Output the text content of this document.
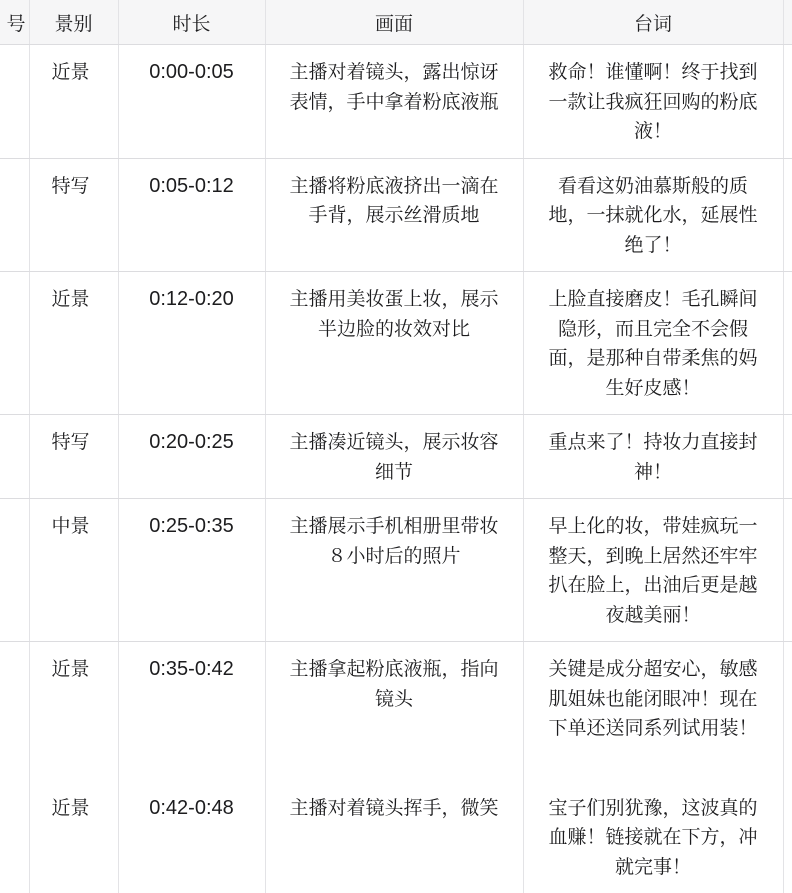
号	景别	时长	画面	台词	
	近景	0:00-0:05	主播对着镜头，露出惊讶表情，手中拿着粉底液瓶	救命！谁懂啊！终于找到一款让我疯狂回购的粉底液！	
	特写	0:05-0:12	主播将粉底液挤出一滴在手背，展示丝滑质地	看看这奶油慕斯般的质地，一抹就化水，延展性绝了！	
	近景	0:12-0:20	主播用美妆蛋上妆，展示半边脸的妆效对比	上脸直接磨皮！毛孔瞬间隐形，而且完全不会假面，是那种自带柔焦的妈生好皮感！	
	特写	0:20-0:25	主播凑近镜头，展示妆容细节	重点来了！持妆力直接封神！	
	中景	0:25-0:35	主播展示手机相册里带妆８小时后的照片	早上化的妆，带娃疯玩一整天，到晚上居然还牢牢扒在脸上，出油后更是越夜越美丽！	
	近景	0:35-0:42	主播拿起粉底液瓶，指向镜头	关键是成分超安心，敏感肌姐妹也能闭眼冲！现在下单还送同系列试用装！	
	近景	0:42-0:48	主播对着镜头挥手，微笑	宝子们别犹豫，这波真的血赚！链接就在下方，冲就完事！	
